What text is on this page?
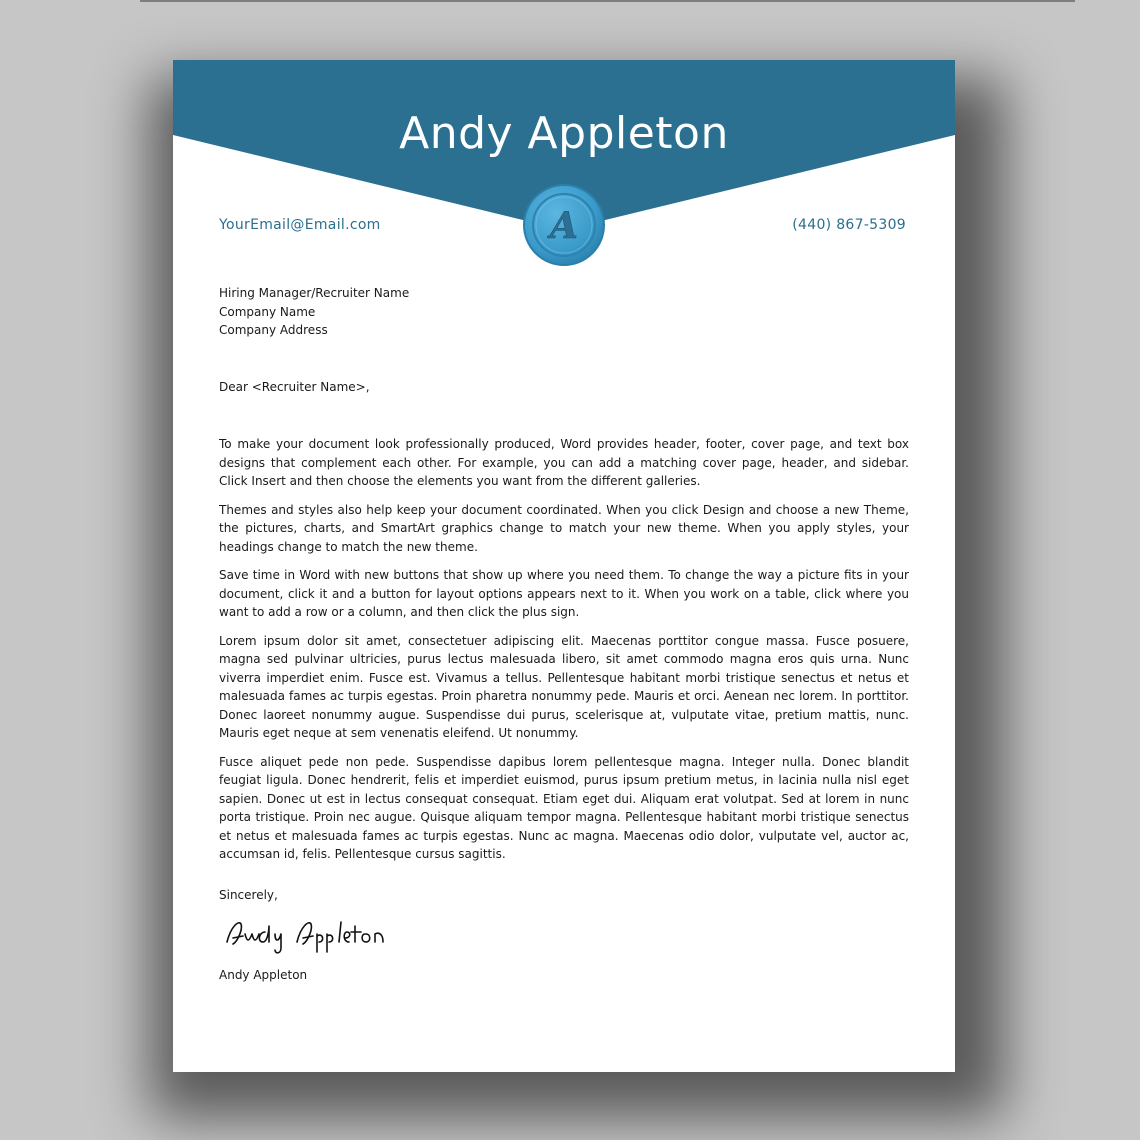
Andy Appleton
A
YourEmail@Email.com	(440) 867-5309
Hiring Manager/Recruiter Name
Company Name
Company Address
Dear <Recruiter Name>,

To make your document look professionally produced, Word provides header, footer, cover page, and text box designs that complement each other. For example, you can add a matching cover page, header, and sidebar. Click Insert and then choose the elements you want from the different galleries.

Themes and styles also help keep your document coordinated. When you click Design and choose a new Theme, the pictures, charts, and SmartArt graphics change to match your new theme. When you apply styles, your headings change to match the new theme.

Save time in Word with new buttons that show up where you need them. To change the way a picture fits in your document, click it and a button for layout options appears next to it. When you work on a table, click where you want to add a row or a column, and then click the plus sign.

Lorem ipsum dolor sit amet, consectetuer adipiscing elit. Maecenas porttitor congue massa. Fusce posuere, magna sed pulvinar ultricies, purus lectus malesuada libero, sit amet commodo magna eros quis urna. Nunc viverra imperdiet enim. Fusce est. Vivamus a tellus. Pellentesque habitant morbi tristique senectus et netus et malesuada fames ac turpis egestas. Proin pharetra nonummy pede. Mauris et orci. Aenean nec lorem. In porttitor. Donec laoreet nonummy augue. Suspendisse dui purus, scelerisque at, vulputate vitae, pretium mattis, nunc. Mauris eget neque at sem venenatis eleifend. Ut nonummy.

Fusce aliquet pede non pede. Suspendisse dapibus lorem pellentesque magna. Integer nulla. Donec blandit feugiat ligula. Donec hendrerit, felis et imperdiet euismod, purus ipsum pretium metus, in lacinia nulla nisl eget sapien. Donec ut est in lectus consequat consequat. Etiam eget dui. Aliquam erat volutpat. Sed at lorem in nunc porta tristique. Proin nec augue. Quisque aliquam tempor magna. Pellentesque habitant morbi tristique senectus et netus et malesuada fames ac turpis egestas. Nunc ac magna. Maecenas odio dolor, vulputate vel, auctor ac, accumsan id, felis. Pellentesque cursus sagittis.

Sincerely,
Andy Appleton
